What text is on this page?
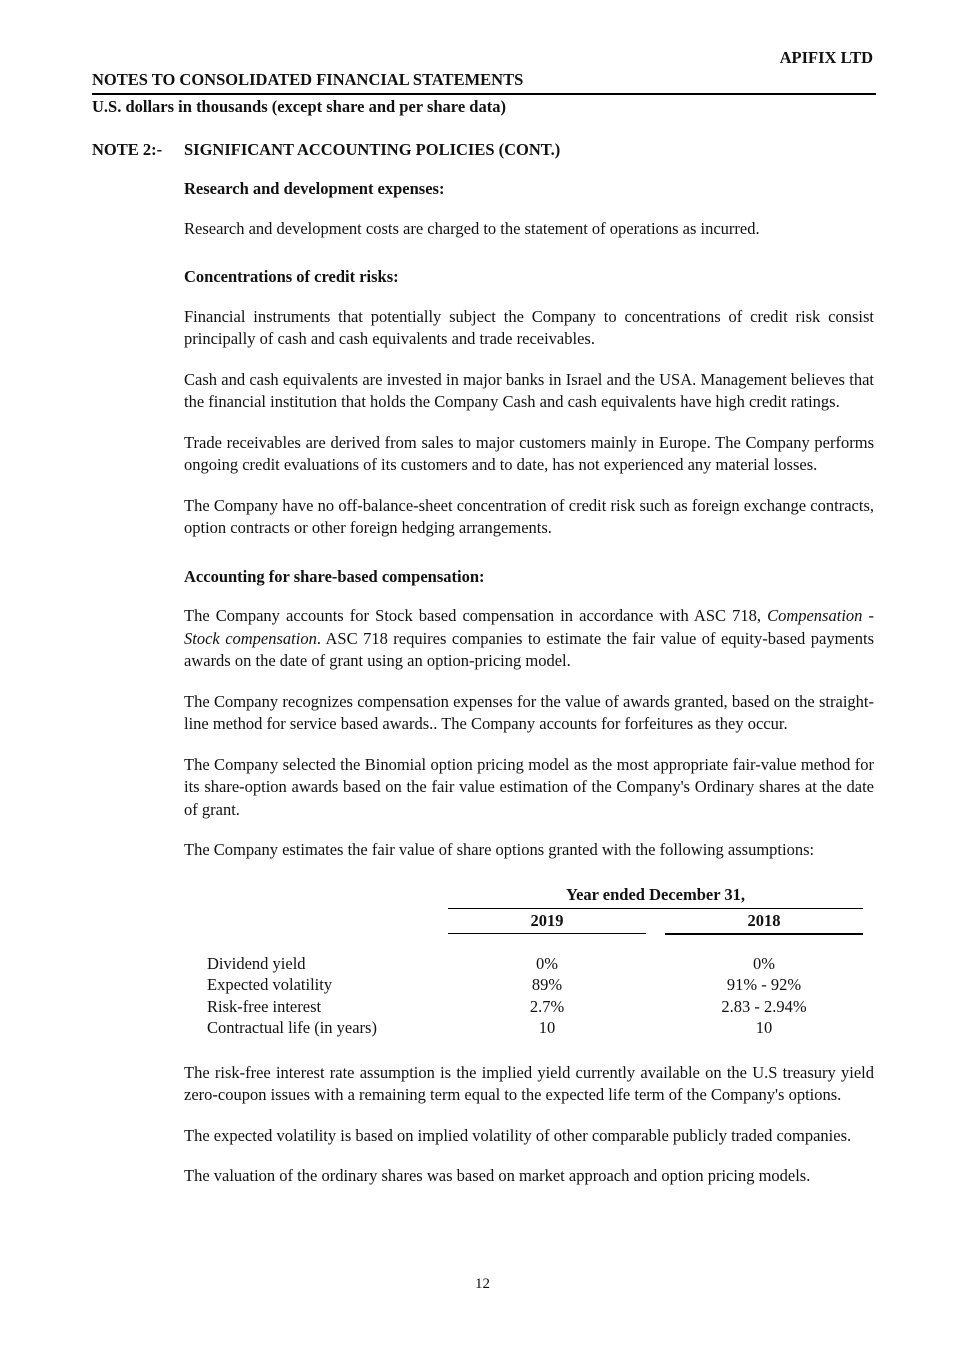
APIFIX LTD
NOTES TO CONSOLIDATED FINANCIAL STATEMENTS
U.S. dollars in thousands (except share and per share data)
NOTE 2:- SIGNIFICANT ACCOUNTING POLICIES (CONT.)
Research and development expenses:

Research and development costs are charged to the statement of operations as incurred.

Concentrations of credit risks:

Financial instruments that potentially subject the Company to concentrations of credit risk consist principally of cash and cash equivalents and trade receivables.

Cash and cash equivalents are invested in major banks in Israel and the USA. Management believes that the financial institution that holds the Company Cash and cash equivalents have high credit ratings.

Trade receivables are derived from sales to major customers mainly in Europe. The Company performs ongoing credit evaluations of its customers and to date, has not experienced any material losses.

The Company have no off-balance-sheet concentration of credit risk such as foreign exchange contracts, option contracts or other foreign hedging arrangements.

Accounting for share-based compensation:

The Company accounts for Stock based compensation in accordance with ASC 718, Compensation - Stock compensation. ASC 718 requires companies to estimate the fair value of equity-based payments awards on the date of grant using an option-pricing model.

The Company recognizes compensation expenses for the value of awards granted, based on the straight-line method for service based awards.. The Company accounts for forfeitures as they occur.

The Company selected the Binomial option pricing model as the most appropriate fair-value method for its share-option awards based on the fair value estimation of the Company's Ordinary shares at the date of grant.

The Company estimates the fair value of share options granted with the following assumptions:

Year ended December 31,
2019	2018
Dividend yield	0%	0%
Expected volatility	89%	91% - 92%
Risk-free interest	2.7%	2.83 - 2.94%
Contractual life (in years)	10	10

The risk-free interest rate assumption is the implied yield currently available on the U.S treasury yield zero-coupon issues with a remaining term equal to the expected life term of the Company's options.

The expected volatility is based on implied volatility of other comparable publicly traded companies.

The valuation of the ordinary shares was based on market approach and option pricing models.

12
